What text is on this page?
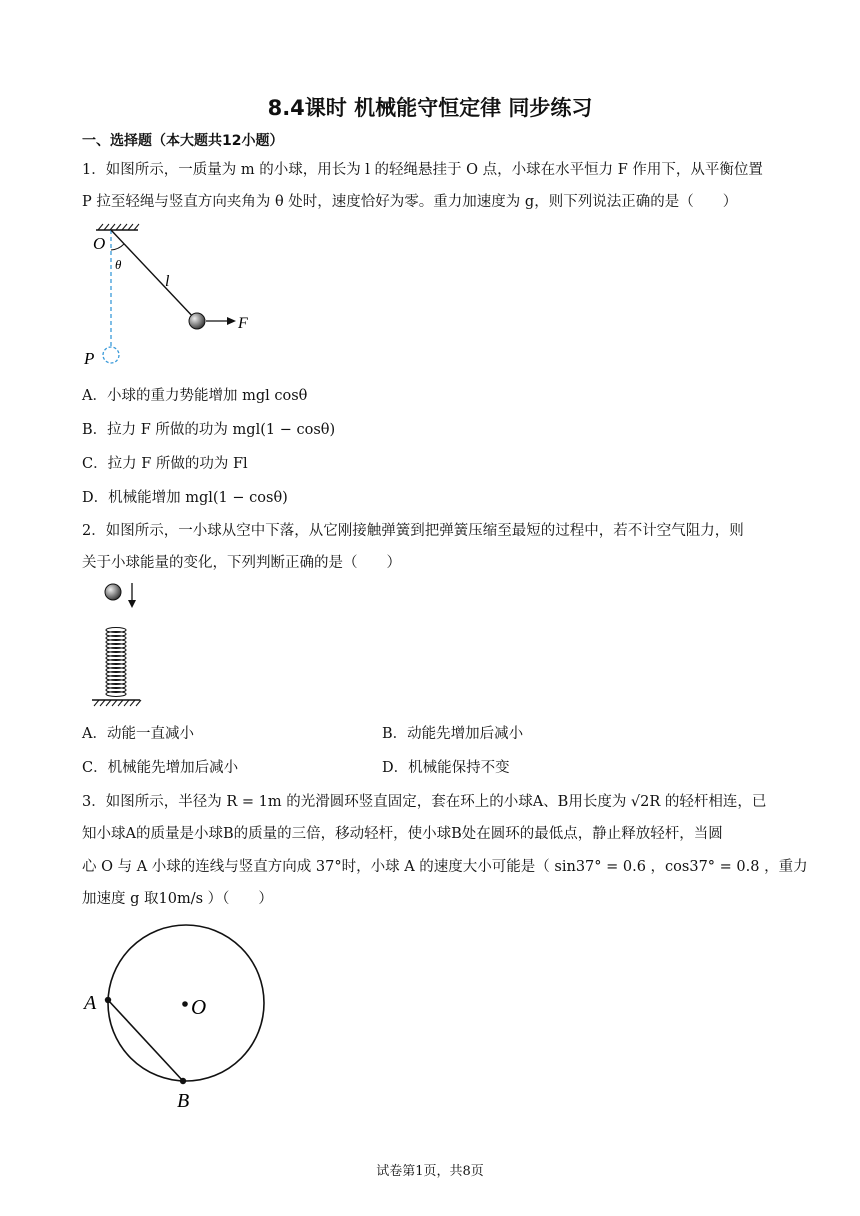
8.4课时 机械能守恒定律 同步练习
一、选择题（本大题共12小题）
1．如图所示，一质量为 m 的小球，用长为 l 的轻绳悬挂于 O 点，小球在水平恒力 F 作用下，从平衡位置
P 拉至轻绳与竖直方向夹角为 θ 处时，速度恰好为零。重力加速度为 g，则下列说法正确的是（　　）
O
θ
l
F
P
A．小球的重力势能增加 mgl cosθ
B．拉力 F 所做的功为 mgl(1 − cosθ)
C．拉力 F 所做的功为 Fl
D．机械能增加 mgl(1 − cosθ)
2．如图所示，一小球从空中下落，从它刚接触弹簧到把弹簧压缩至最短的过程中，若不计空气阻力，则
关于小球能量的变化，下列判断正确的是（　　）
A．动能一直减小	B．动能先增加后减小
C．机械能先增加后减小	D．机械能保持不变
3．如图所示，半径为 R = 1m 的光滑圆环竖直固定，套在环上的小球A、B用长度为 √2R 的轻杆相连，已
知小球A的质量是小球B的质量的三倍，移动轻杆，使小球B处在圆环的最低点，静止释放轻杆，当圆
心 O 与 A 小球的连线与竖直方向成 37°时，小球 A 的速度大小可能是（ sin37° = 0.6 ，cos37° = 0.8 ，重力
加速度 g 取10m/s ）（　　）
A	O
B
试卷第1页，共8页
